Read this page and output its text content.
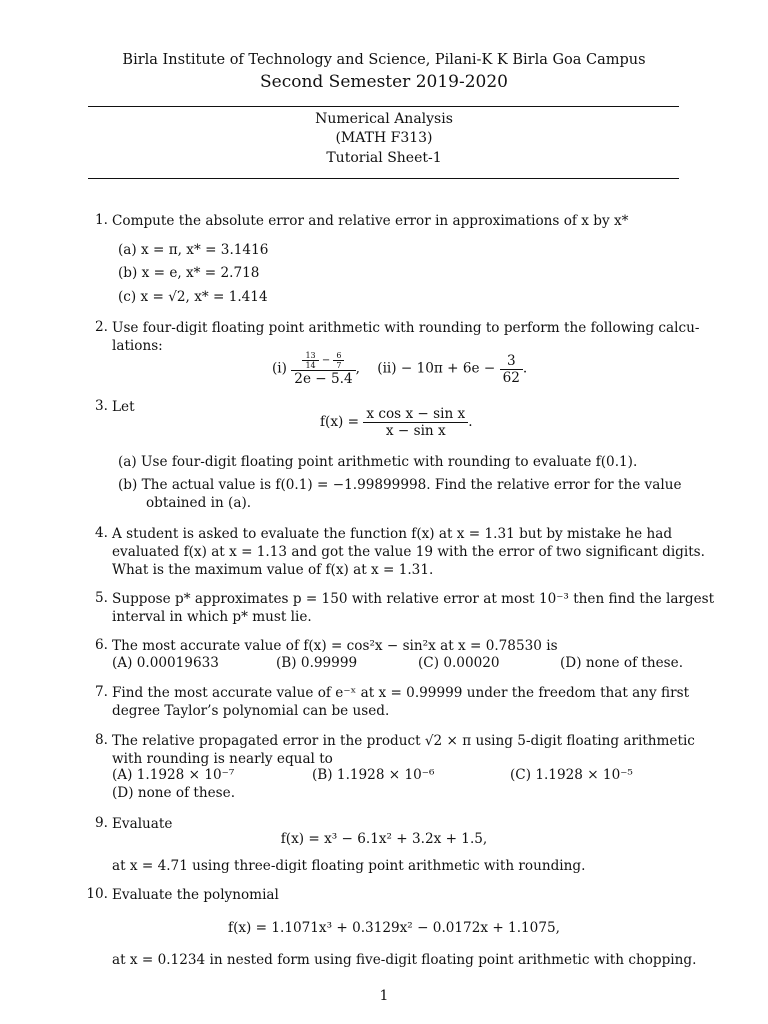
Birla Institute of Technology and Science, Pilani-K K Birla Goa Campus
Second Semester 2019-2020
Numerical Analysis
(MATH F313)
Tutorial Sheet-1
1. Compute the absolute error and relative error in approximations of x by x*
(a) x = π, x* = 3.1416
(b) x = e, x* = 2.718
(c) x = √2, x* = 1.414
2. Use four-digit floating point arithmetic with rounding to perform the following calcu-
lations:
$(i) \frac{\frac{13}{14} - \frac{6}{7}}{2e - 5.4}$ ,    $(ii) - 10\pi + 6e - \frac{3}{62}$ .
3. Let
$f(x) = \frac{\text{x cos x − sin x}}{\text{x − sin x}}$ .
(a) Use four-digit floating point arithmetic with rounding to evaluate f(0.1).
(b) The actual value is f(0.1) = −1.99899998. Find the relative error for the value
obtained in (a).
4. A student is asked to evaluate the function f(x) at x = 1.31 but by mistake he had
evaluated f(x) at x = 1.13 and got the value 19 with the error of two significant digits.
What is the maximum value of f(x) at x = 1.31.
5. Suppose p* approximates p = 150 with relative error at most 10⁻³ then find the largest
interval in which p* must lie.
6. The most accurate value of f(x) = cos²x − sin²x at x = 0.78530 is
(A) 0.00019633	(B) 0.99999	(C) 0.00020	(D) none of these.
7. Find the most accurate value of e⁻ˣ at x = 0.99999 under the freedom that any first
degree Taylor’s polynomial can be used.
8. The relative propagated error in the product √2 × π using 5-digit floating arithmetic
with rounding is nearly equal to
(A) 1.1928 × 10⁻⁷	(B) 1.1928 × 10⁻⁶	(C) 1.1928 × 10⁻⁵
(D) none of these.
9. Evaluate
f(x) = x³ − 6.1x² + 3.2x + 1.5,
at x = 4.71 using three-digit floating point arithmetic with rounding.
10. Evaluate the polynomial
f(x) = 1.1071x³ + 0.3129x² − 0.0172x + 1.1075,
at x = 0.1234 in nested form using five-digit floating point arithmetic with chopping.
1
